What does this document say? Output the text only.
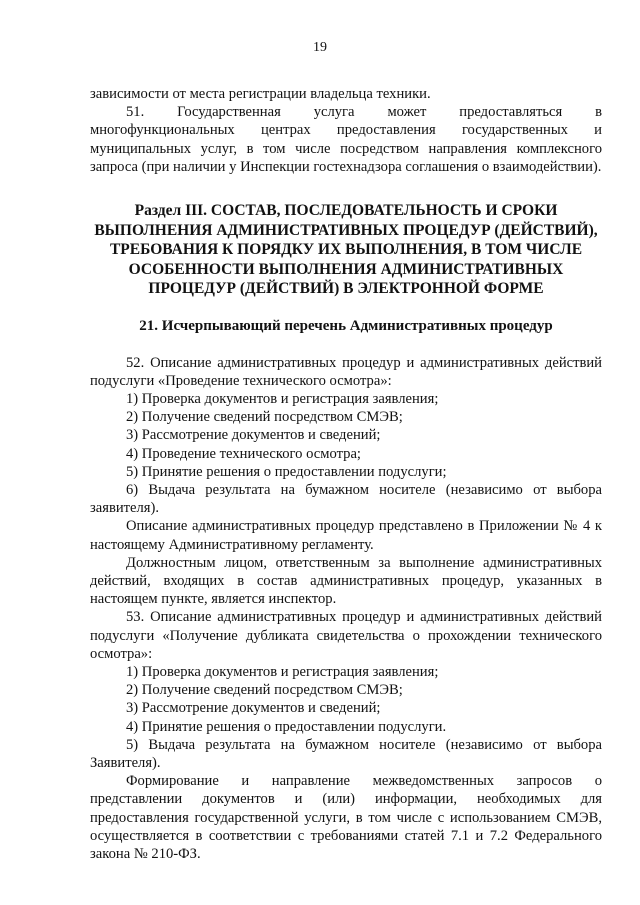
19

зависимости от места регистрации владельца техники.

51. Государственная услуга может предоставляться в многофункциональных центрах предоставления государственных и муниципальных услуг, в том числе посредством направления комплексного запроса (при наличии у Инспекции гостехнадзора соглашения о взаимодействии).

Раздел III. СОСТАВ, ПОСЛЕДОВАТЕЛЬНОСТЬ И СРОКИ ВЫПОЛНЕНИЯ АДМИНИСТРАТИВНЫХ ПРОЦЕДУР (ДЕЙСТВИЙ), ТРЕБОВАНИЯ К ПОРЯДКУ ИХ ВЫПОЛНЕНИЯ, В ТОМ ЧИСЛЕ ОСОБЕННОСТИ ВЫПОЛНЕНИЯ АДМИНИСТРАТИВНЫХ ПРОЦЕДУР (ДЕЙСТВИЙ) В ЭЛЕКТРОННОЙ ФОРМЕ
21. Исчерпывающий перечень Административных процедур

52. Описание административных процедур и административных действий подуслуги «Проведение технического осмотра»:

1) Проверка документов и регистрация заявления;

2) Получение сведений посредством СМЭВ;

3) Рассмотрение документов и сведений;

4) Проведение технического осмотра;

5) Принятие решения о предоставлении подуслуги;

6) Выдача результата на бумажном носителе (независимо от выбора заявителя).

Описание административных процедур представлено в Приложении № 4 к настоящему Административному регламенту.

Должностным лицом, ответственным за выполнение административных действий, входящих в состав административных процедур, указанных в настоящем пункте, является инспектор.

53. Описание административных процедур и административных действий подуслуги «Получение дубликата свидетельства о прохождении технического осмотра»:

1) Проверка документов и регистрация заявления;

2) Получение сведений посредством СМЭВ;

3) Рассмотрение документов и сведений;

4) Принятие решения о предоставлении подуслуги.

5) Выдача результата на бумажном носителе (независимо от выбора Заявителя).

Формирование и направление межведомственных запросов о представлении документов и (или) информации, необходимых для предоставления государственной услуги, в том числе с использованием СМЭВ, осуществляется в соответствии с требованиями статей 7.1 и 7.2 Федерального закона № 210-ФЗ.
